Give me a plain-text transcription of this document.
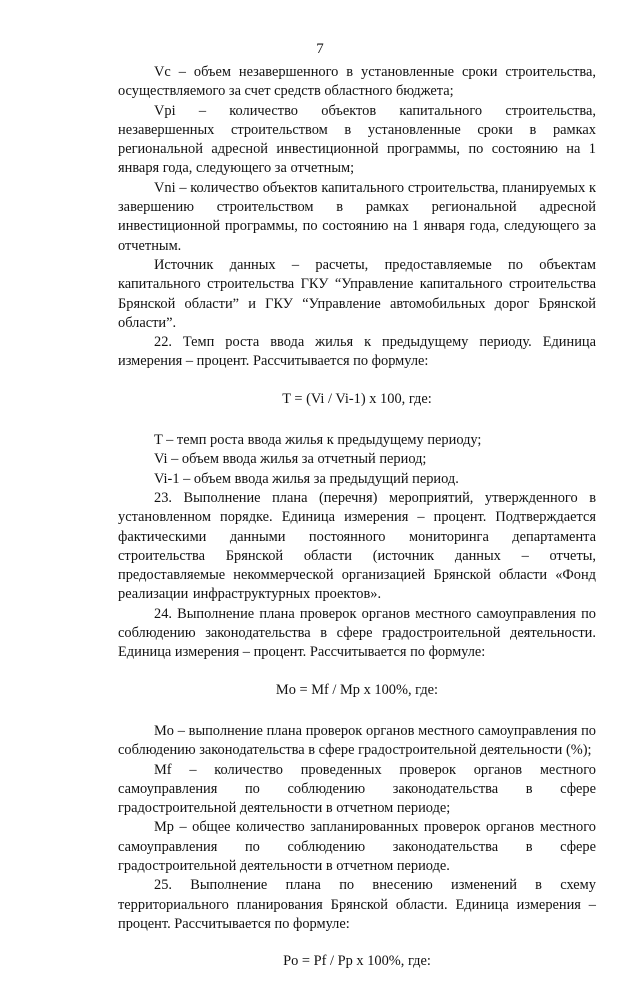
7

Vc – объем незавершенного в установленные сроки строительства, осуществляемого за счет средств областного бюджета;

Vpi – количество объектов капитального строительства, незавершенных строительством в установленные сроки в рамках региональной адресной инвестиционной программы, по состоянию на 1 января года, следующего за отчетным;

Vni – количество объектов капитального строительства, планируемых к завершению строительством в рамках региональной адресной инвестиционной программы, по состоянию на 1 января года, следующего за отчетным.

Источник данных – расчеты, предоставляемые по объектам капитального строительства ГКУ “Управление капитального строительства Брянской области” и ГКУ “Управление автомобильных дорог Брянской области”.

22. Темп роста ввода жилья к предыдущему периоду. Единица измерения – процент. Рассчитывается по формуле:

T = (Vi / Vi-1) x 100, где:

T – темп роста ввода жилья к предыдущему периоду;

Vi – объем ввода жилья за отчетный период;

Vi-1 – объем ввода жилья за предыдущий период.

23. Выполнение плана (перечня) мероприятий, утвержденного в установленном порядке. Единица измерения – процент. Подтверждается фактическими данными постоянного мониторинга департамента строительства Брянской области (источник данных – отчеты, предоставляемые некоммерческой организацией Брянской области «Фонд реализации инфраструктурных проектов».

24. Выполнение плана проверок органов местного самоуправления по соблюдению законодательства в сфере градостроительной деятельности. Единица измерения – процент. Рассчитывается по формуле:

Mo = Mf / Mp x 100%, где:

Mo – выполнение плана проверок органов местного самоуправления по соблюдению законодательства в сфере градостроительной деятельности (%);

Mf – количество проведенных проверок органов местного самоуправления по соблюдению законодательства в сфере градостроительной деятельности в отчетном периоде;

Mp – общее количество запланированных проверок органов местного самоуправления по соблюдению законодательства в сфере градостроительной деятельности в отчетном периоде.

25. Выполнение плана по внесению изменений в схему территориального планирования Брянской области. Единица измерения – процент. Рассчитывается по формуле:

Po = Pf / Pp x 100%, где:
